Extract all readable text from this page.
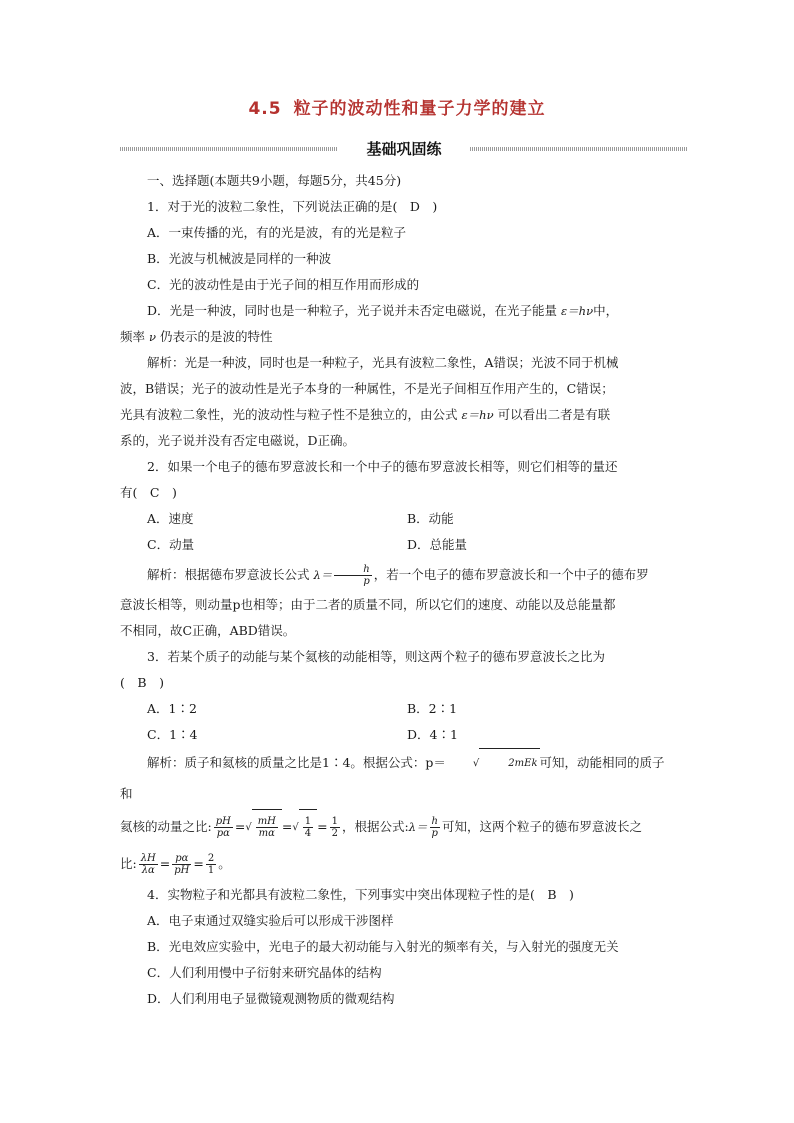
4.5 粒子的波动性和量子力学的建立
基础巩固练

一、选择题(本题共9小题，每题5分，共45分)

1．对于光的波粒二象性，下列说法正确的是(　D　)

A．一束传播的光，有的光是波，有的光是粒子

B．光波与机械波是同样的一种波

C．光的波动性是由于光子间的相互作用而形成的

D．光是一种波，同时也是一种粒子，光子说并未否定电磁说，在光子能量 ε＝hν中，

频率 ν 仍表示的是波的特性

解析：光是一种波，同时也是一种粒子，光具有波粒二象性，A错误；光波不同于机械

波，B错误；光子的波动性是光子本身的一种属性，不是光子间相互作用产生的，C错误；

光具有波粒二象性，光的波动性与粒子性不是独立的，由公式 ε＝hν 可以看出二者是有联

系的，光子说并没有否定电磁说，D正确。

2．如果一个电子的德布罗意波长和一个中子的德布罗意波长相等，则它们相等的量还

有(　C　)

A．速度	B．动能
C．动量	D．总能量

解析：根据德布罗意波长公式 $\lambda= \frac{h}{p}$ ，若一个电子的德布罗意波长和一个中子的德布罗

意波长相等，则动量p也相等；由于二者的质量不同，所以它们的速度、动能以及总能量都

不相同，故C正确，ABD错误。

3．若某个质子的动能与某个氦核的动能相等，则这两个粒子的德布罗意波长之比为

(　B　)

A．1∶2	B．2∶1
C．1∶4	D．4∶1

解析：质子和氦核的质量之比是1∶4。根据公式：p＝	√	2mEk 可知，动能相同的质子和

氦核的动量之比: $\frac{pH}{p\alpha}$ =√ $\frac{mH}{m\alpha}$ =√ $\frac{1}{4} = \frac{1}{2}$ ，根据公式:λ＝ $\frac{h}{p}$ 可知，这两个粒子的德布罗意波长之

比: $\frac{\lambda H}{\lambda\alpha} = \frac{p\alpha}{pH} = \frac{2}{1}$ 。

4．实物粒子和光都具有波粒二象性，下列事实中突出体现粒子性的是(　B　)

A．电子束通过双缝实验后可以形成干涉图样

B．光电效应实验中，光电子的最大初动能与入射光的频率有关，与入射光的强度无关

C．人们利用慢中子衍射来研究晶体的结构

D．人们利用电子显微镜观测物质的微观结构
